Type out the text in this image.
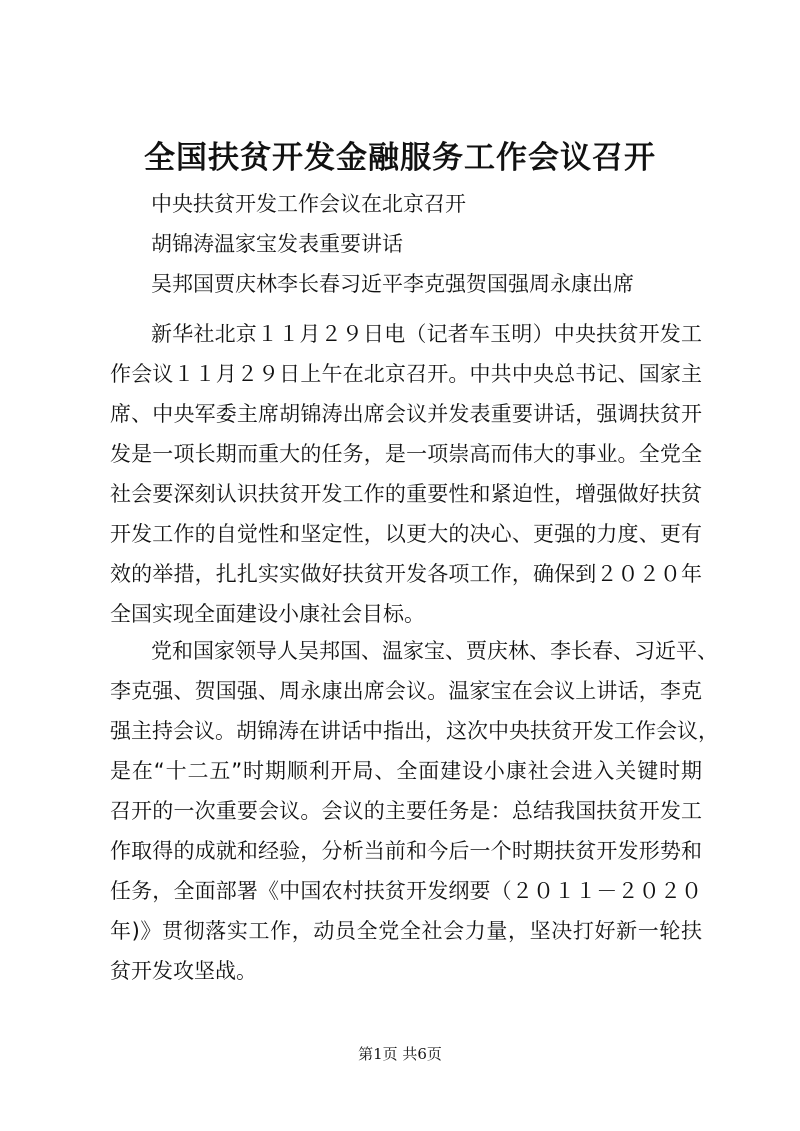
全国扶贫开发金融服务工作会议召开
中央扶贫开发工作会议在北京召开
胡锦涛温家宝发表重要讲话
吴邦国贾庆林李长春习近平李克强贺国强周永康出席

新华社北京１１月２９日电（记者车玉明）中央扶贫开发工
作会议１１月２９日上午在北京召开。中共中央总书记、国家主
席、中央军委主席胡锦涛出席会议并发表重要讲话，强调扶贫开
发是一项长期而重大的任务，是一项崇高而伟大的事业。全党全
社会要深刻认识扶贫开发工作的重要性和紧迫性，增强做好扶贫
开发工作的自觉性和坚定性，以更大的决心、更强的力度、更有
效的举措，扎扎实实做好扶贫开发各项工作，确保到２０２０年
全国实现全面建设小康社会目标。

党和国家领导人吴邦国、温家宝、贾庆林、李长春、习近平、
李克强、贺国强、周永康出席会议。温家宝在会议上讲话，李克
强主持会议。胡锦涛在讲话中指出，这次中央扶贫开发工作会议，
是在“十二五”时期顺利开局、全面建设小康社会进入关键时期
召开的一次重要会议。会议的主要任务是：总结我国扶贫开发工
作取得的成就和经验，分析当前和今后一个时期扶贫开发形势和
任务，全面部署《中国农村扶贫开发纲要（２０１１－２０２０
年)》贯彻落实工作，动员全党全社会力量，坚决打好新一轮扶
贫开发攻坚战。

第1页 共6页
